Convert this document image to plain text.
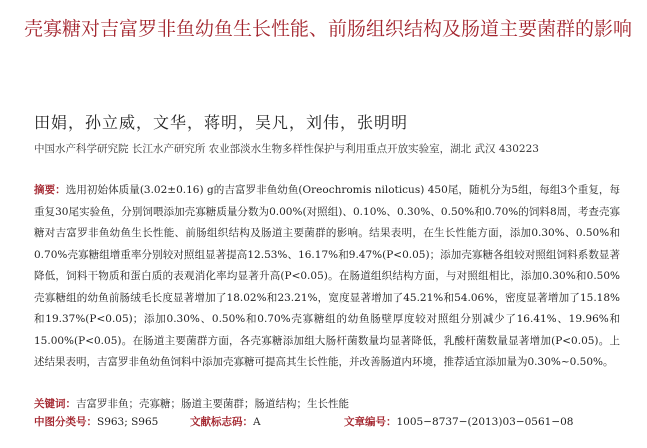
壳寡糖对吉富罗非鱼幼鱼生长性能、前肠组织结构及肠道主要菌群的影响
田娟，孙立威，文华，蒋明，吴凡，刘伟，张明明
中国水产科学研究院 长江水产研究所 农业部淡水生物多样性保护与利用重点开放实验室，湖北 武汉 430223

摘要：选用初始体质量(3.02±0.16) g的吉富罗非鱼幼鱼(Oreochromis niloticus) 450尾，随机分为5组，每组3个重复，每重复30尾实验鱼，分别饲喂添加壳寡糖质量分数为0.00%(对照组)、0.10%、0.30%、0.50%和0.70%的饲料8周，考查壳寡糖对吉富罗非鱼幼鱼生长性能、前肠组织结构及肠道主要菌群的影响。结果表明，在生长性能方面，添加0.30%、0.50%和0.70%壳寡糖组增重率分别较对照组显著提高12.53%、16.17%和9.47%(P<0.05)；添加壳寡糖各组较对照组饲料系数显著降低，饲料干物质和蛋白质的表观消化率均显著升高(P<0.05)。在肠道组织结构方面，与对照组相比，添加0.30%和0.50%壳寡糖组的幼鱼前肠绒毛长度显著增加了18.02%和23.21%，宽度显著增加了45.21%和54.06%，密度显著增加了15.18%和19.37%(P<0.05)；添加0.30%、0.50%和0.70%壳寡糖组的幼鱼肠壁厚度较对照组分别减少了16.41%、19.96%和15.00%(P<0.05)。在肠道主要菌群方面，各壳寡糖添加组大肠杆菌数量均显著降低，乳酸杆菌数量显著增加(P<0.05)。上述结果表明，吉富罗非鱼幼鱼饲料中添加壳寡糖可提高其生长性能，并改善肠道内环境，推荐适宜添加量为0.30%~0.50%。

关键词：吉富罗非鱼；壳寡糖；肠道主要菌群；肠道结构；生长性能
中图分类号：S963; S965	文献标志码：A	文章编号：1005−8737−(2013)03−0561−08
